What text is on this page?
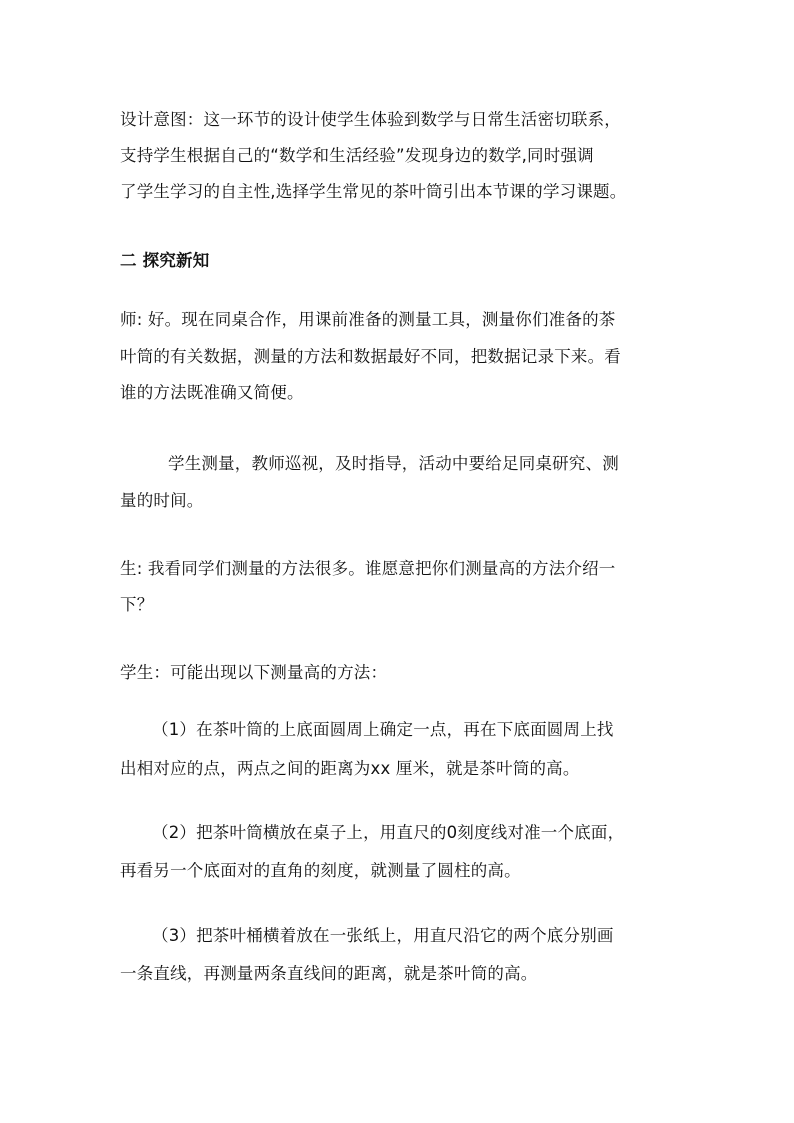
设计意图：这一环节的设计使学生体验到数学与日常生活密切联系，
支持学生根据自己的“数学和生活经验”发现身边的数学,同时强调
了学生学习的自主性,选择学生常见的茶叶筒引出本节课的学习课题。
二 探究新知
师: 好。现在同桌合作，用课前准备的测量工具，测量你们准备的茶
叶筒的有关数据，测量的方法和数据最好不同，把数据记录下来。看
谁的方法既准确又简便。
学生测量，教师巡视，及时指导，活动中要给足同桌研究、测
量的时间。
生: 我看同学们测量的方法很多。谁愿意把你们测量高的方法介绍一
下？
学生：可能出现以下测量高的方法：
（1）在茶叶筒的上底面圆周上确定一点，再在下底面圆周上找
出相对应的点，两点之间的距离为xx 厘米，就是茶叶筒的高。
（2）把茶叶筒横放在桌子上，用直尺的0刻度线对准一个底面，
再看另一个底面对的直角的刻度，就测量了圆柱的高。
（3）把茶叶桶横着放在一张纸上，用直尺沿它的两个底分别画
一条直线，再测量两条直线间的距离，就是茶叶筒的高。
